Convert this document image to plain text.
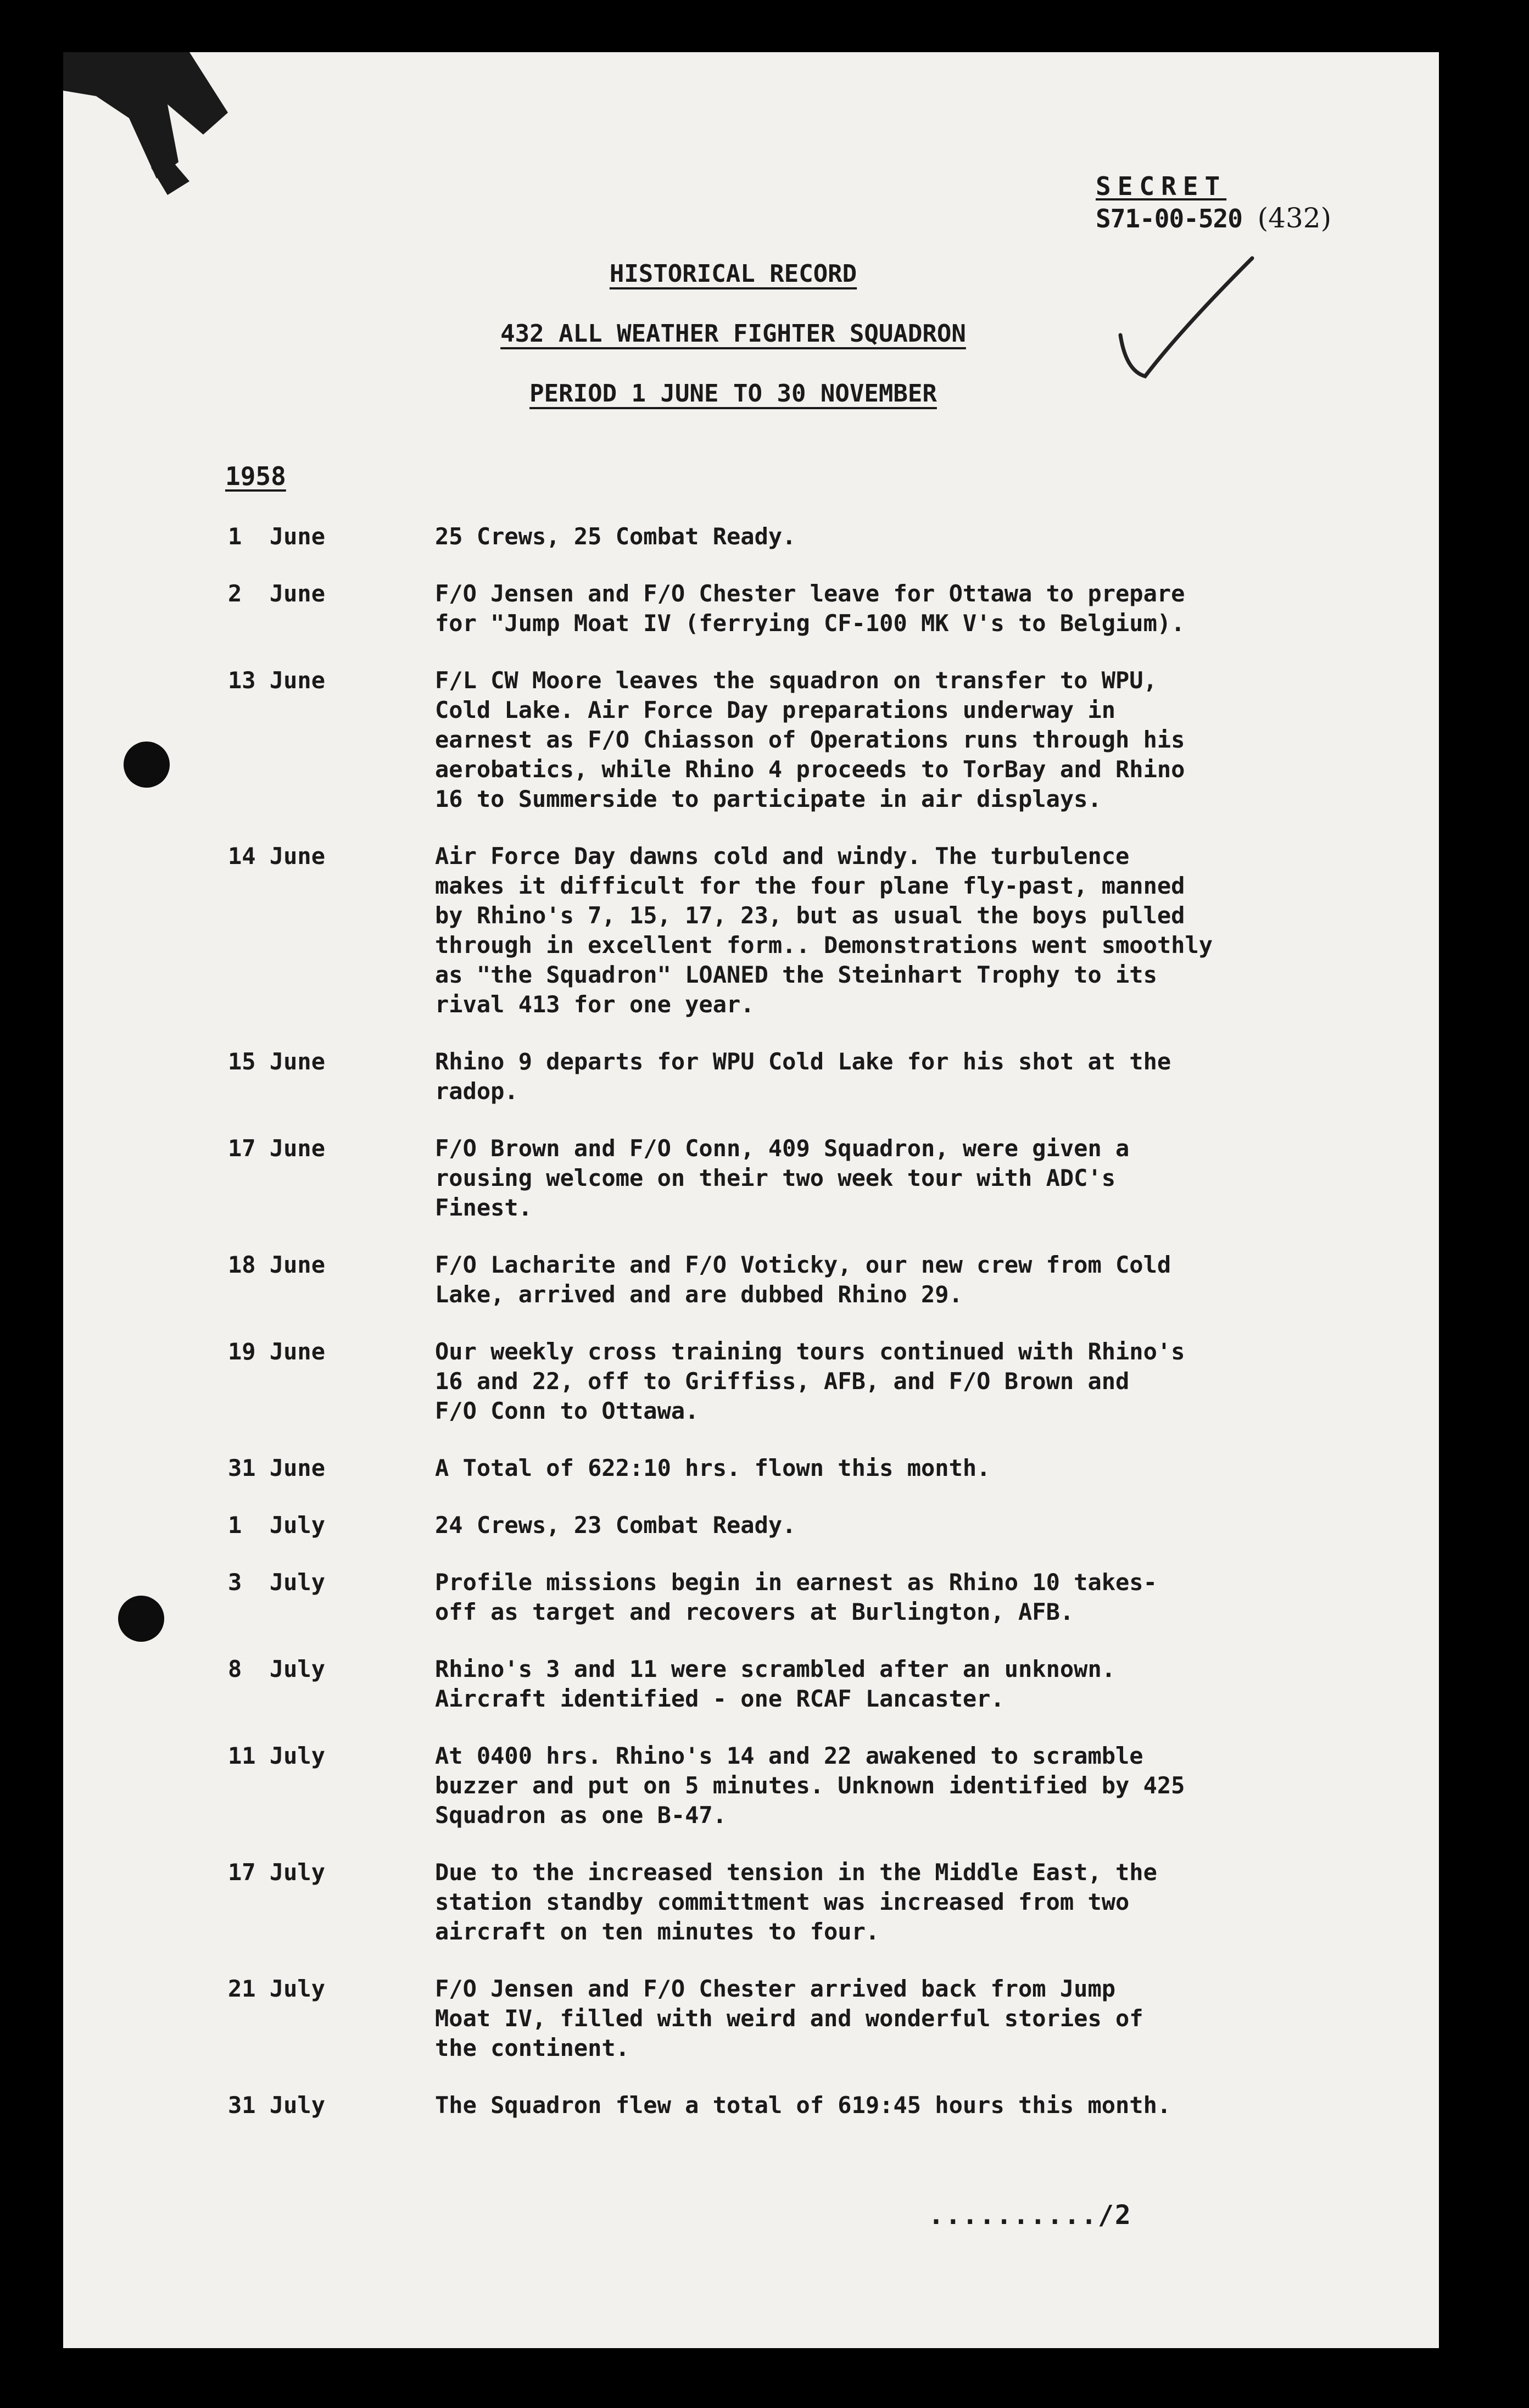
SECRET
S71-00-520 (432)
HISTORICAL RECORD
432 ALL WEATHER FIGHTER SQUADRON
PERIOD 1 JUNE TO 30 NOVEMBER
1958
1  June	25 Crews, 25 Combat Ready.
2  June	F/O Jensen and F/O Chester leave for Ottawa to prepare
for "Jump Moat IV (ferrying CF-100 MK V's to Belgium).
13 June	F/L CW Moore leaves the squadron on transfer to WPU,
Cold Lake. Air Force Day preparations underway in
earnest as F/O Chiasson of Operations runs through his
aerobatics, while Rhino 4 proceeds to TorBay and Rhino
16 to Summerside to participate in air displays.
14 June	Air Force Day dawns cold and windy. The turbulence
makes it difficult for the four plane fly-past, manned
by Rhino's 7, 15, 17, 23, but as usual the boys pulled
through in excellent form.. Demonstrations went smoothly
as "the Squadron" LOANED the Steinhart Trophy to its
rival 413 for one year.
15 June	Rhino 9 departs for WPU Cold Lake for his shot at the
radop.
17 June	F/O Brown and F/O Conn, 409 Squadron, were given a
rousing welcome on their two week tour with ADC's
Finest.
18 June	F/O Lacharite and F/O Voticky, our new crew from Cold
Lake, arrived and are dubbed Rhino 29.
19 June	Our weekly cross training tours continued with Rhino's
16 and 22, off to Griffiss, AFB, and F/O Brown and
F/O Conn to Ottawa.
31 June	A Total of 622:10 hrs. flown this month.
1  July	24 Crews, 23 Combat Ready.
3  July	Profile missions begin in earnest as Rhino 10 takes-
off as target and recovers at Burlington, AFB.
8  July	Rhino's 3 and 11 were scrambled after an unknown.
Aircraft identified - one RCAF Lancaster.
11 July	At 0400 hrs. Rhino's 14 and 22 awakened to scramble
buzzer and put on 5 minutes. Unknown identified by 425
Squadron as one B-47.
17 July	Due to the increased tension in the Middle East, the
station standby committment was increased from two
aircraft on ten minutes to four.
21 July	F/O Jensen and F/O Chester arrived back from Jump
Moat IV, filled with weird and wonderful stories of
the continent.
31 July	The Squadron flew a total of 619:45 hours this month.
........../2
